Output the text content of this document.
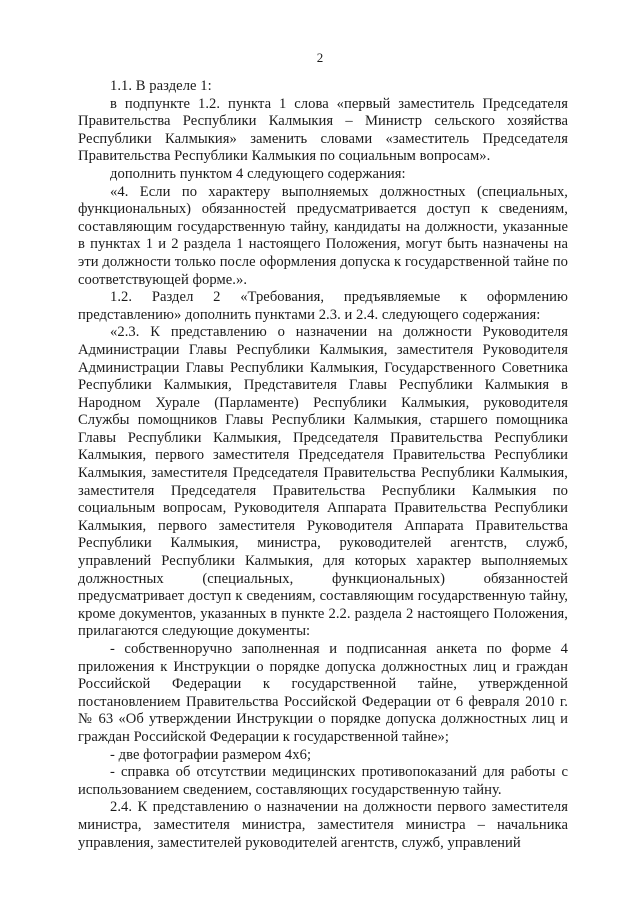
2

1.1. В разделе 1:

в подпункте 1.2. пункта 1 слова «первый заместитель Председателя Правительства Республики Калмыкия – Министр сельского хозяйства Республики Калмыкия» заменить словами «заместитель Председателя Правительства Республики Калмыкия по социальным вопросам».

дополнить пунктом 4 следующего содержания:

«4. Если по характеру выполняемых должностных (специальных, функциональных) обязанностей предусматривается доступ к сведениям, составляющим государственную тайну, кандидаты на должности, указанные в пунктах 1 и 2 раздела 1 настоящего Положения, могут быть назначены на эти должности только после оформления допуска к государственной тайне по соответствующей форме.».

1.2. Раздел 2 «Требования, предъявляемые к оформлению представлению» дополнить пунктами 2.3. и 2.4. следующего содержания:

«2.3. К представлению о назначении на должности Руководителя Администрации Главы Республики Калмыкия, заместителя Руководителя Администрации Главы Республики Калмыкия, Государственного Советника Республики Калмыкия, Представителя Главы Республики Калмыкия в Народном Хурале (Парламенте) Республики Калмыкия, руководителя Службы помощников Главы Республики Калмыкия, старшего помощника Главы Республики Калмыкия, Председателя Правительства Республики Калмыкия, первого заместителя Председателя Правительства Республики Калмыкия, заместителя Председателя Правительства Республики Калмыкия, заместителя Председателя Правительства Республики Калмыкия по социальным вопросам, Руководителя Аппарата Правительства Республики Калмыкия, первого заместителя Руководителя Аппарата Правительства Республики Калмыкия, министра, руководителей агентств, служб, управлений Республики Калмыкия, для которых характер выполняемых должностных (специальных, функциональных) обязанностей предусматривает доступ к сведениям, составляющим государственную тайну, кроме документов, указанных в пункте 2.2. раздела 2 настоящего Положения, прилагаются следующие документы:

- собственноручно заполненная и подписанная анкета по форме 4 приложения к Инструкции о порядке допуска должностных лиц и граждан Российской Федерации к государственной тайне, утвержденной постановлением Правительства Российской Федерации от 6 февраля 2010 г. № 63 «Об утверждении Инструкции о порядке допуска должностных лиц и граждан Российской Федерации к государственной тайне»;

- две фотографии размером 4х6;

- справка об отсутствии медицинских противопоказаний для работы с использованием сведением, составляющих государственную тайну.

2.4. К представлению о назначении на должности первого заместителя министра, заместителя министра, заместителя министра – начальника управления, заместителей руководителей агентств, служб, управлений
